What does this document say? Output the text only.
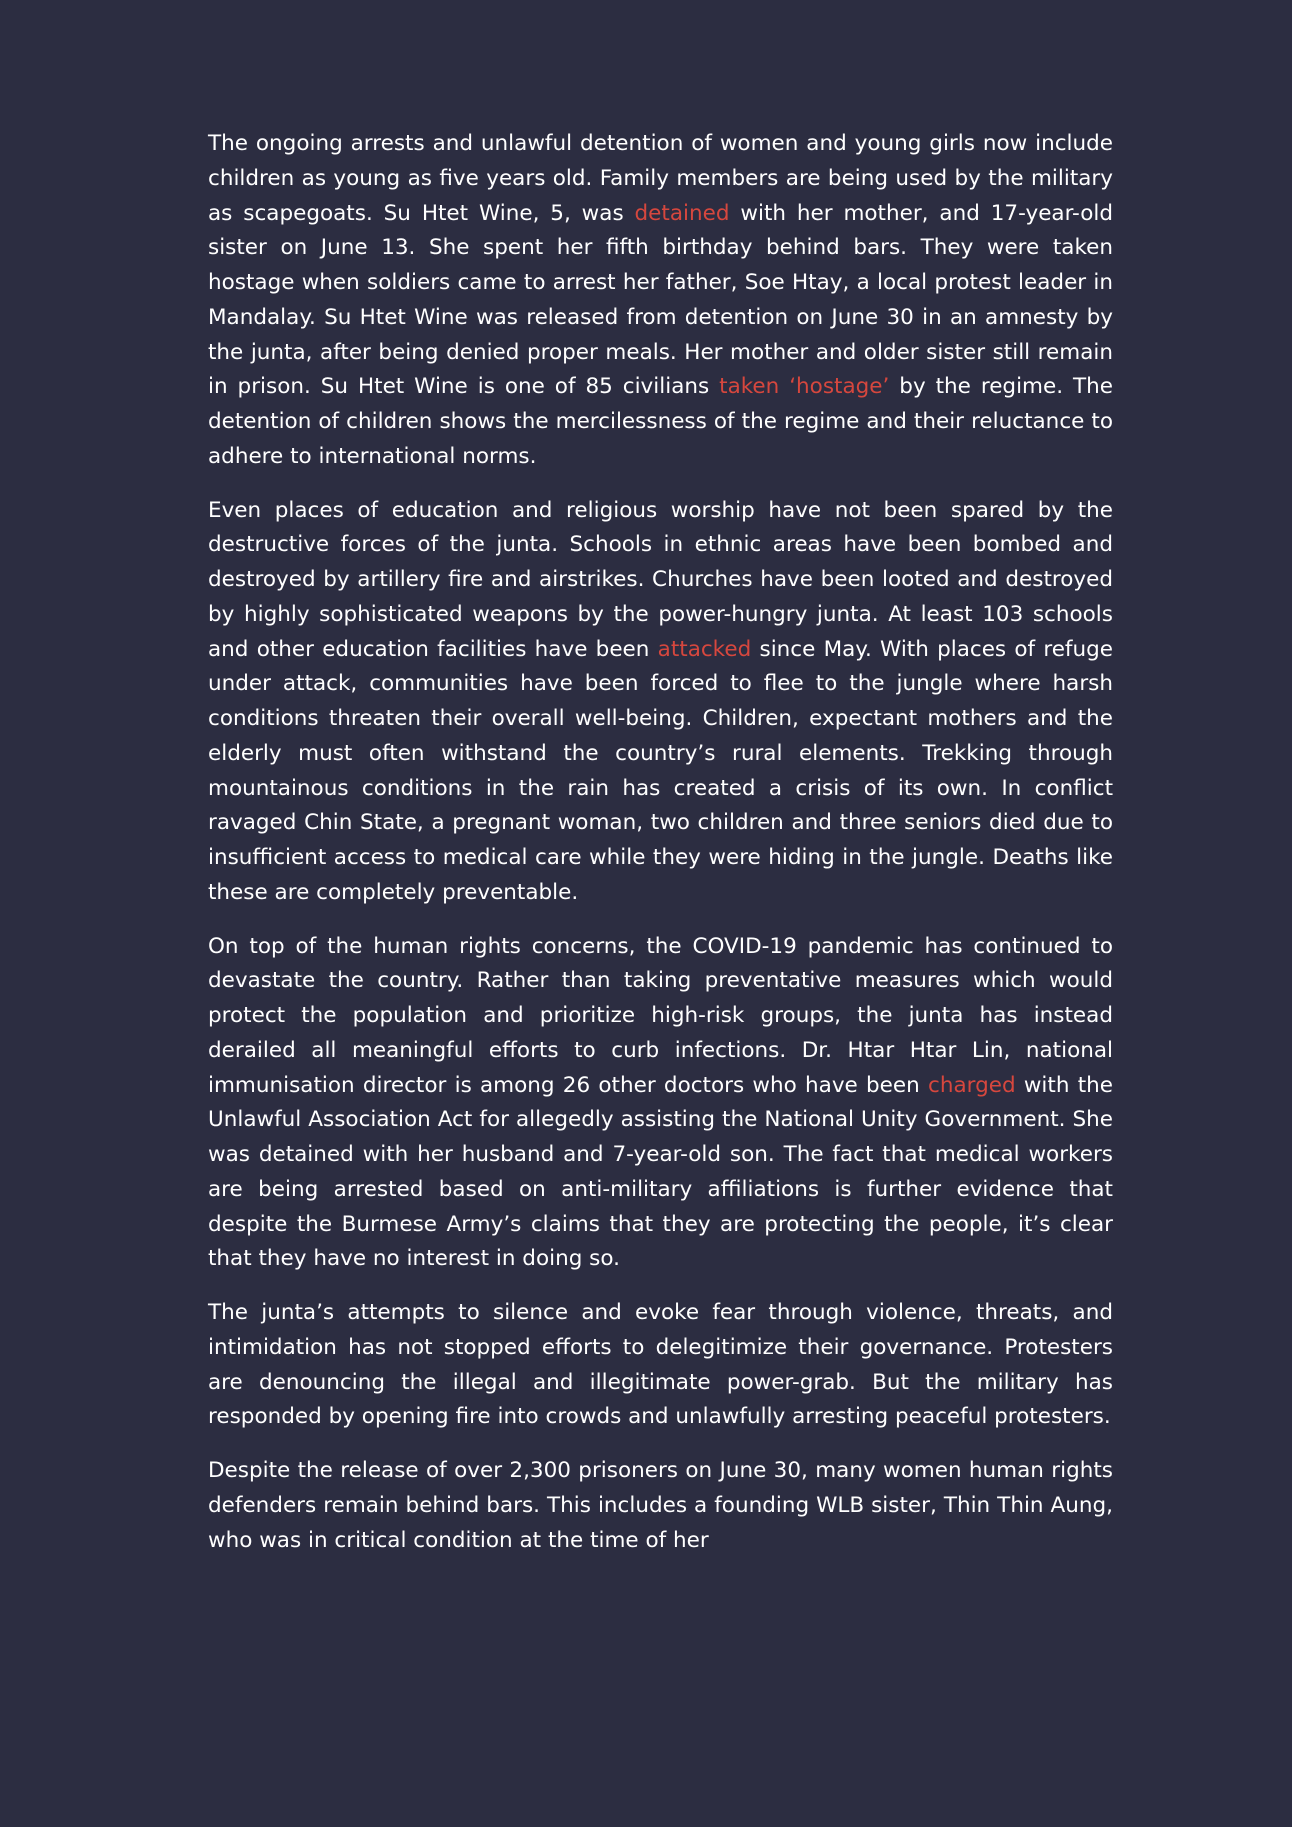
The ongoing arrests and unlawful detention of women and young girls now include children as young as five years old. Family members are being used by the military as scapegoats. Su Htet Wine, 5, was detained with her mother, and 17-year-old sister on June 13. She spent her fifth birthday behind bars. They were taken hostage when soldiers came to arrest her father, Soe Htay, a local protest leader in Mandalay. Su Htet Wine was released from detention on June 30 in an amnesty by the junta, after being denied proper meals. Her mother and older sister still remain in prison. Su Htet Wine is one of 85 civilians taken ‘hostage’ by the regime. The detention of children shows the mercilessness of the regime and their reluctance to adhere to international norms.

Even places of education and religious worship have not been spared by the destructive forces of the junta. Schools in ethnic areas have been bombed and destroyed by artillery fire and airstrikes. Churches have been looted and destroyed by highly sophisticated weapons by the power-hungry junta. At least 103 schools and other education facilities have been attacked since May. With places of refuge under attack, communities have been forced to flee to the jungle where harsh conditions threaten their overall well-being. Children, expectant mothers and the elderly must often withstand the country’s rural elements. Trekking through mountainous conditions in the rain has created a crisis of its own. In conflict ravaged Chin State, a pregnant woman, two children and three seniors died due to insufficient access to medical care while they were hiding in the jungle. Deaths like these are completely preventable.

On top of the human rights concerns, the COVID-19 pandemic has continued to devastate the country. Rather than taking preventative measures which would protect the population and prioritize high-risk groups, the junta has instead derailed all meaningful efforts to curb infections. Dr. Htar Htar Lin, national immunisation director is among 26 other doctors who have been charged with the Unlawful Association Act for allegedly assisting the National Unity Government. She was detained with her husband and 7-year-old son. The fact that medical workers are being arrested based on anti-military affiliations is further evidence that despite the Burmese Army’s claims that they are protecting the people, it’s clear that they have no interest in doing so.

The junta’s attempts to silence and evoke fear through violence, threats, and intimidation has not stopped efforts to delegitimize their governance. Protesters are denouncing the illegal and illegitimate power-grab. But the military has responded by opening fire into crowds and unlawfully arresting peaceful protesters.

Despite the release of over 2,300 prisoners on June 30, many women human rights defenders remain behind bars. This includes a founding WLB sister, Thin Thin Aung, who was in critical condition at the time of her
